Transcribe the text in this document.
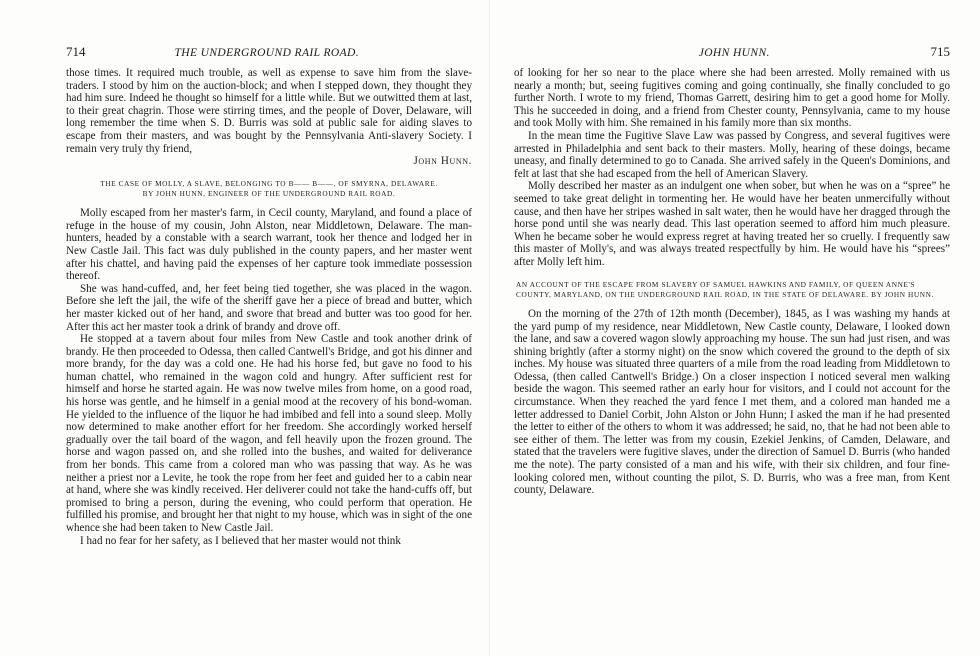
714	THE UNDERGROUND RAIL ROAD.

those times. It required much trouble, as well as expense to save him from the slave-traders. I stood by him on the auction-block; and when I stepped down, they thought they had him sure. Indeed he thought so himself for a little while. But we outwitted them at last, to their great chagrin. Those were stirring times, and the people of Dover, Delaware, will long remember the time when S. D. Burris was sold at public sale for aiding slaves to escape from their masters, and was bought by the Pennsylvania Anti-slavery Society. I remain very truly thy friend,

John Hunn.
THE CASE OF MOLLY, A SLAVE, BELONGING TO B—— B——, OF SMYRNA, DELAWARE.
BY JOHN HUNN, ENGINEER OF THE UNDERGROUND RAIL ROAD.

Molly escaped from her master's farm, in Cecil county, Maryland, and found a place of refuge in the house of my cousin, John Alston, near Middletown, Delaware. The man-hunters, headed by a constable with a search warrant, took her thence and lodged her in New Castle Jail. This fact was duly published in the county papers, and her master went after his chattel, and having paid the expenses of her capture took immediate possession thereof.

She was hand-cuffed, and, her feet being tied together, she was placed in the wagon. Before she left the jail, the wife of the sheriff gave her a piece of bread and butter, which her master kicked out of her hand, and swore that bread and butter was too good for her. After this act her master took a drink of brandy and drove off.

He stopped at a tavern about four miles from New Castle and took another drink of brandy. He then proceeded to Odessa, then called Cantwell's Bridge, and got his dinner and more brandy, for the day was a cold one. He had his horse fed, but gave no food to his human chattel, who remained in the wagon cold and hungry. After sufficient rest for himself and horse he started again. He was now twelve miles from home, on a good road, his horse was gentle, and he himself in a genial mood at the recovery of his bond-woman. He yielded to the influence of the liquor he had imbibed and fell into a sound sleep. Molly now determined to make another effort for her freedom. She accordingly worked herself gradually over the tail board of the wagon, and fell heavily upon the frozen ground. The horse and wagon passed on, and she rolled into the bushes, and waited for deliverance from her bonds. This came from a colored man who was passing that way. As he was neither a priest nor a Levite, he took the rope from her feet and guided her to a cabin near at hand, where she was kindly received. Her deliverer could not take the hand-cuffs off, but promised to bring a person, during the evening, who could perform that operation. He fulfilled his promise, and brought her that night to my house, which was in sight of the one whence she had been taken to New Castle Jail.

I had no fear for her safety, as I believed that her master would not think

JOHN HUNN.	715

of looking for her so near to the place where she had been arrested. Molly remained with us nearly a month; but, seeing fugitives coming and going continually, she finally concluded to go further North. I wrote to my friend, Thomas Garrett, desiring him to get a good home for Molly. This he succeeded in doing, and a friend from Chester county, Pennsylvania, came to my house and took Molly with him. She remained in his family more than six months.

In the mean time the Fugitive Slave Law was passed by Congress, and several fugitives were arrested in Philadelphia and sent back to their masters. Molly, hearing of these doings, became uneasy, and finally determined to go to Canada. She arrived safely in the Queen's Dominions, and felt at last that she had escaped from the hell of American Slavery.

Molly described her master as an indulgent one when sober, but when he was on a “spree” he seemed to take great delight in tormenting her. He would have her beaten unmercifully without cause, and then have her stripes washed in salt water, then he would have her dragged through the horse pond until she was nearly dead. This last operation seemed to afford him much pleasure. When he became sober he would express regret at having treated her so cruelly. I frequently saw this master of Molly's, and was always treated respectfully by him. He would have his “sprees” after Molly left him.

AN ACCOUNT OF THE ESCAPE FROM SLAVERY OF SAMUEL HAWKINS AND FAMILY, OF QUEEN ANNE'S COUNTY, MARYLAND, ON THE UNDERGROUND RAIL ROAD, IN THE STATE OF DELAWARE. BY JOHN HUNN.

On the morning of the 27th of 12th month (December), 1845, as I was washing my hands at the yard pump of my residence, near Middletown, New Castle county, Delaware, I looked down the lane, and saw a covered wagon slowly approaching my house. The sun had just risen, and was shining brightly (after a stormy night) on the snow which covered the ground to the depth of six inches. My house was situated three quarters of a mile from the road leading from Middletown to Odessa, (then called Cantwell's Bridge.) On a closer inspection I noticed several men walking beside the wagon. This seemed rather an early hour for visitors, and I could not account for the circumstance. When they reached the yard fence I met them, and a colored man handed me a letter addressed to Daniel Corbit, John Alston or John Hunn; I asked the man if he had presented the letter to either of the others to whom it was addressed; he said, no, that he had not been able to see either of them. The letter was from my cousin, Ezekiel Jenkins, of Camden, Delaware, and stated that the travelers were fugitive slaves, under the direction of Samuel D. Burris (who handed me the note). The party consisted of a man and his wife, with their six children, and four fine-looking colored men, without counting the pilot, S. D. Burris, who was a free man, from Kent county, Delaware.
